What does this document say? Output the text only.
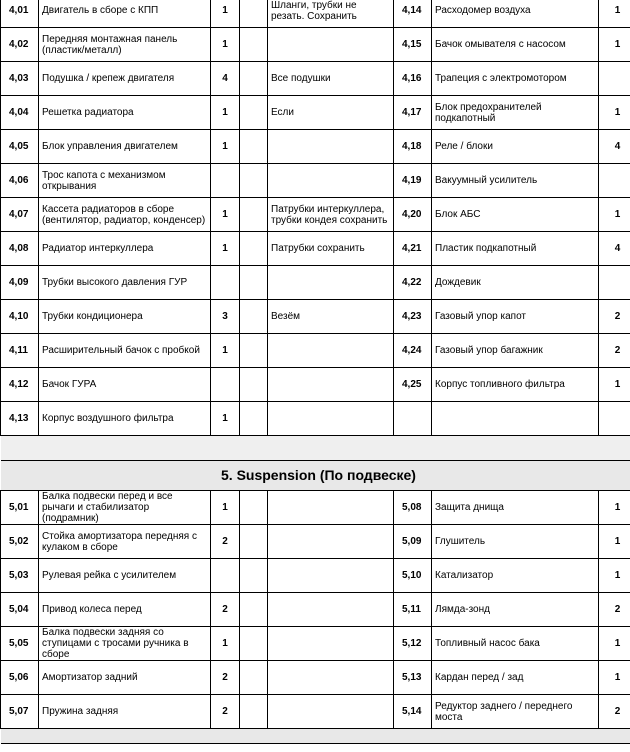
4,01	Двигатель в сборе с КПП	1		Шланги, трубки не резать. Сохранить	4,14	Расходомер воздуха	1

4,02	Передняя монтажная панель (пластик/металл)	1			4,15	Бачок омывателя с насосом	1

4,03	Подушка / крепеж двигателя	4		Все подушки	4,16	Трапеция с электромотором	

4,04	Решетка радиатора	1		Если	4,17	Блок предохранителей подкапотный	1

4,05	Блок управления двигателем	1			4,18	Реле / блоки	4

4,06	Трос капота с механизмом открывания				4,19	Вакуумный усилитель	

4,07	Кассета радиаторов в сборе (вентилятор, радиатор, конденсер)	1		Патрубки интеркуллера, трубки кондея сохранить	4,20	Блок АБС	1

4,08	Радиатор интеркуллера	1		Патрубки сохранить	4,21	Пластик подкапотный	4

4,09	Трубки высокого давления ГУР				4,22	Дождевик	

4,10	Трубки кондиционера	3		Везём	4,23	Газовый упор капот	2

4,11	Расширительный бачок с пробкой	1			4,24	Газовый упор багажник	2

4,12	Бачок ГУРА				4,25	Корпус топливного фильтра	1

4,13	Корпус воздушного фильтра	1					

5. Suspension (По подвеске)							

5,01	Балка подвески перед и все рычаги и стабилизатор (подрамник)	1			5,08	Защита днища	1

5,02	Стойка амортизатора передняя с кулаком в сборе	2			5,09	Глушитель	1

5,03	Рулевая рейка с усилителем				5,10	Катализатор	1

5,04	Привод колеса перед	2			5,11	Лямда-зонд	2

5,05	Балка подвески задняя со ступицами с тросами ручника в сборе	1			5,12	Топливный насос бака	1

5,06	Амортизатор задний	2			5,13	Кардан перед / зад	1

5,07	Пружина задняя	2			5,14	Редуктор заднего / переднего моста	2
